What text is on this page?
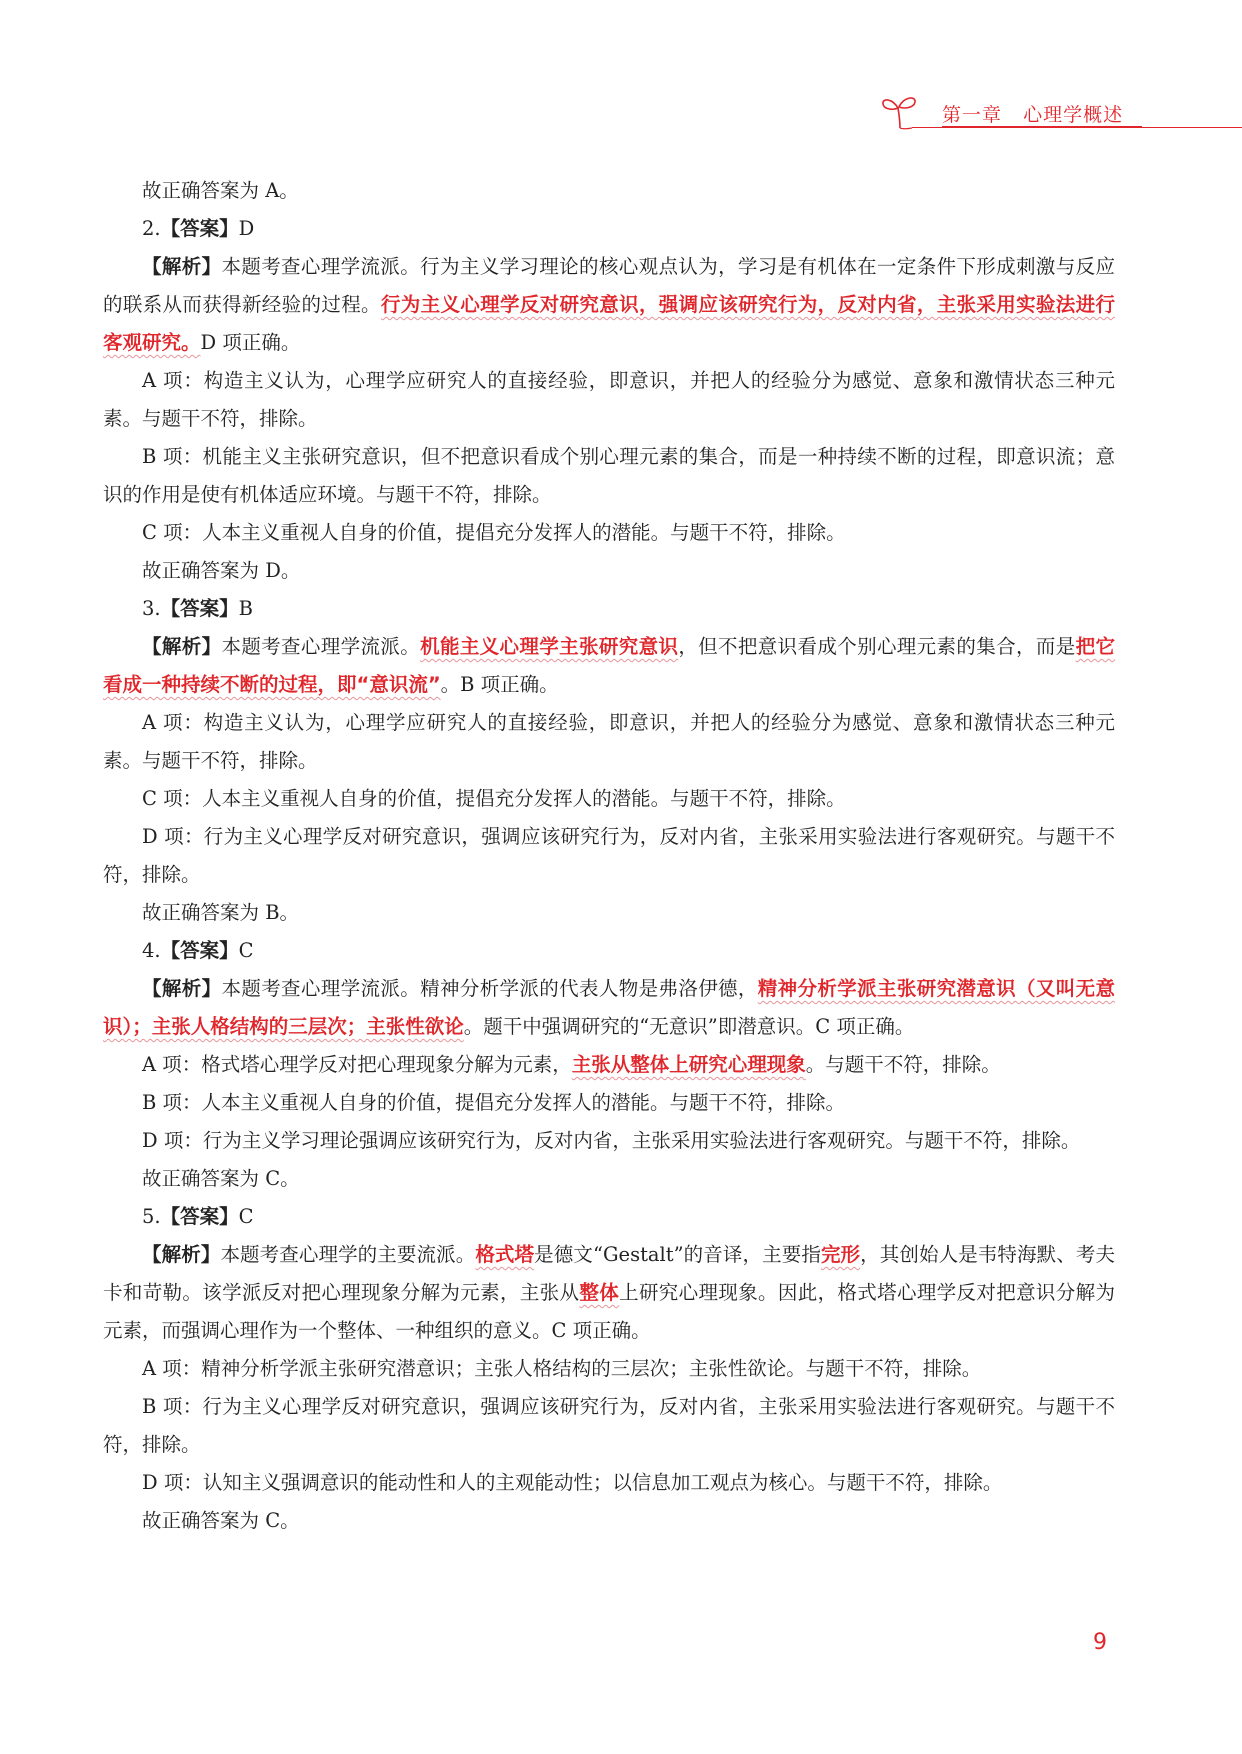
第一章 心理学概述

故正确答案为 A。

2.【答案】D

【解析】本题考查心理学流派。行为主义学习理论的核心观点认为，学习是有机体在一定条件下形成刺激与反应的联系从而获得新经验的过程。行为主义心理学反对研究意识，强调应该研究行为，反对内省，主张采用实验法进行客观研究。D 项正确。

A 项：构造主义认为，心理学应研究人的直接经验，即意识，并把人的经验分为感觉、意象和激情状态三种元素。与题干不符，排除。

B 项：机能主义主张研究意识，但不把意识看成个别心理元素的集合，而是一种持续不断的过程，即意识流；意识的作用是使有机体适应环境。与题干不符，排除。

C 项：人本主义重视人自身的价值，提倡充分发挥人的潜能。与题干不符，排除。

故正确答案为 D。

3.【答案】B

【解析】本题考查心理学流派。机能主义心理学主张研究意识，但不把意识看成个别心理元素的集合，而是把它看成一种持续不断的过程，即“意识流”。B 项正确。

A 项：构造主义认为，心理学应研究人的直接经验，即意识，并把人的经验分为感觉、意象和激情状态三种元素。与题干不符，排除。

C 项：人本主义重视人自身的价值，提倡充分发挥人的潜能。与题干不符，排除。

D 项：行为主义心理学反对研究意识，强调应该研究行为，反对内省，主张采用实验法进行客观研究。与题干不符，排除。

故正确答案为 B。

4.【答案】C

【解析】本题考查心理学流派。精神分析学派的代表人物是弗洛伊德，精神分析学派主张研究潜意识（又叫无意识）；主张人格结构的三层次；主张性欲论。题干中强调研究的“无意识”即潜意识。C 项正确。

A 项：格式塔心理学反对把心理现象分解为元素，主张从整体上研究心理现象。与题干不符，排除。

B 项：人本主义重视人自身的价值，提倡充分发挥人的潜能。与题干不符，排除。

D 项：行为主义学习理论强调应该研究行为，反对内省，主张采用实验法进行客观研究。与题干不符，排除。

故正确答案为 C。

5.【答案】C

【解析】本题考查心理学的主要流派。格式塔是德文“Gestalt”的音译，主要指完形，其创始人是韦特海默、考夫卡和苛勒。该学派反对把心理现象分解为元素，主张从整体上研究心理现象。因此，格式塔心理学反对把意识分解为元素，而强调心理作为一个整体、一种组织的意义。C 项正确。

A 项：精神分析学派主张研究潜意识；主张人格结构的三层次；主张性欲论。与题干不符，排除。

B 项：行为主义心理学反对研究意识，强调应该研究行为，反对内省，主张采用实验法进行客观研究。与题干不符，排除。

D 项：认知主义强调意识的能动性和人的主观能动性；以信息加工观点为核心。与题干不符，排除。

故正确答案为 C。

9
